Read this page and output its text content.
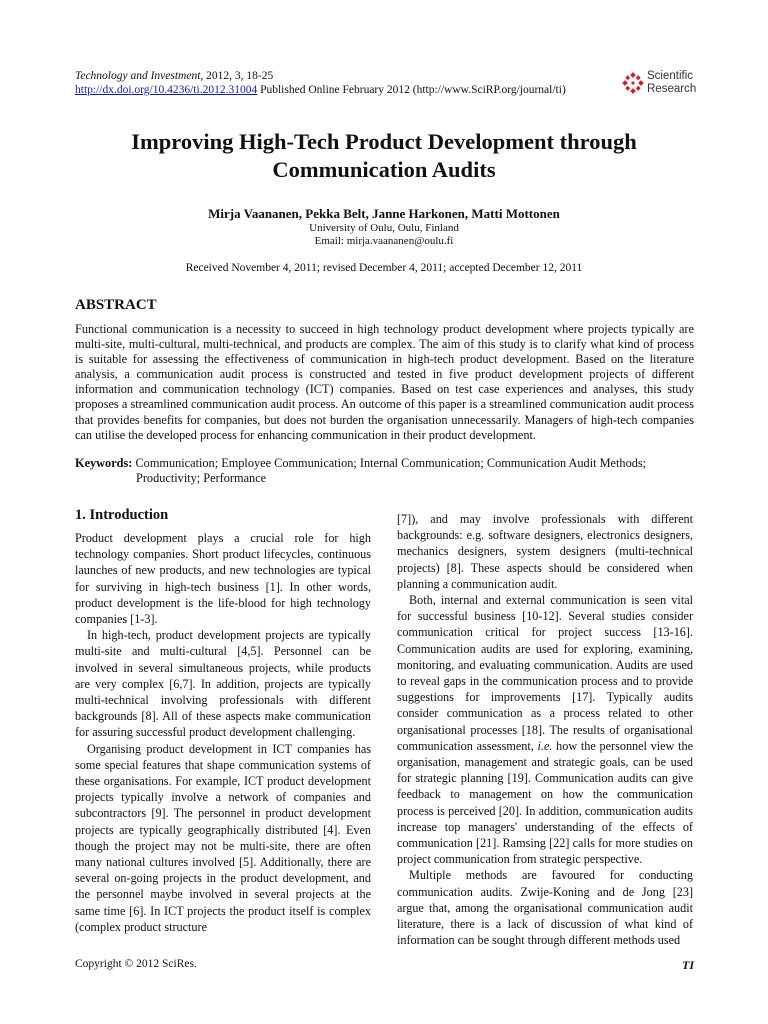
Technology and Investment, 2012, 3, 18-25
http://dx.doi.org/10.4236/ti.2012.31004 Published Online February 2012 (http://www.SciRP.org/journal/ti)
Scientific
Research
Improving High-Tech Product Development through Communication Audits
Mirja Vaananen, Pekka Belt, Janne Harkonen, Matti Mottonen
University of Oulu, Oulu, Finland
Email: mirja.vaananen@oulu.fi
Received November 4, 2011; revised December 4, 2011; accepted December 12, 2011
ABSTRACT
Functional communication is a necessity to succeed in high technology product development where projects typically are multi-site, multi-cultural, multi-technical, and products are complex. The aim of this study is to clarify what kind of process is suitable for assessing the effectiveness of communication in high-tech product development. Based on the literature analysis, a communication audit process is constructed and tested in five product development projects of different information and communication technology (ICT) companies. Based on test case experiences and analyses, this study proposes a streamlined communication audit process. An outcome of this paper is a streamlined communication audit process that provides benefits for companies, but does not burden the organisation unnecessarily. Managers of high-tech companies can utilise the developed process for enhancing communication in their product development.
Keywords: Communication; Employee Communication; Internal Communication; Communication Audit Methods;
Productivity; Performance
1. Introduction

Product development plays a crucial role for high technology companies. Short product lifecycles, continuous launches of new products, and new technologies are typical for surviving in high-tech business [1]. In other words, product development is the life-blood for high technology companies [1-3].

In high-tech, product development projects are typically multi-site and multi-cultural [4,5]. Personnel can be involved in several simultaneous projects, while products are very complex [6,7]. In addition, projects are typically multi-technical involving professionals with different backgrounds [8]. All of these aspects make communication for assuring successful product development challenging.

Organising product development in ICT companies has some special features that shape communication systems of these organisations. For example, ICT product development projects typically involve a network of companies and subcontractors [9]. The personnel in product development projects are typically geographically distributed [4]. Even though the project may not be multi-site, there are often many national cultures involved [5]. Additionally, there are several on-going projects in the product development, and the personnel maybe involved in several projects at the same time [6]. In ICT projects the product itself is complex (complex product structure

[7]), and may involve professionals with different backgrounds: e.g. software designers, electronics designers, mechanics designers, system designers (multi-technical projects) [8]. These aspects should be considered when planning a communication audit.

Both, internal and external communication is seen vital for successful business [10-12]. Several studies consider communication critical for project success [13-16]. Communication audits are used for exploring, examining, monitoring, and evaluating communication. Audits are used to reveal gaps in the communication process and to provide suggestions for improvements [17]. Typically audits consider communication as a process related to other organisational processes [18]. The results of organisational communication assessment, i.e. how the personnel view the organisation, management and strategic goals, can be used for strategic planning [19]. Communication audits can give feedback to management on how the communication process is perceived [20]. In addition, communication audits increase top managers' understanding of the effects of communication [21]. Ramsing [22] calls for more studies on project communication from strategic perspective.

Multiple methods are favoured for conducting communication audits. Zwije-Koning and de Jong [23] argue that, among the organisational communication audit literature, there is a lack of discussion of what kind of information can be sought through different methods used

Copyright © 2012 SciRes.	TI
